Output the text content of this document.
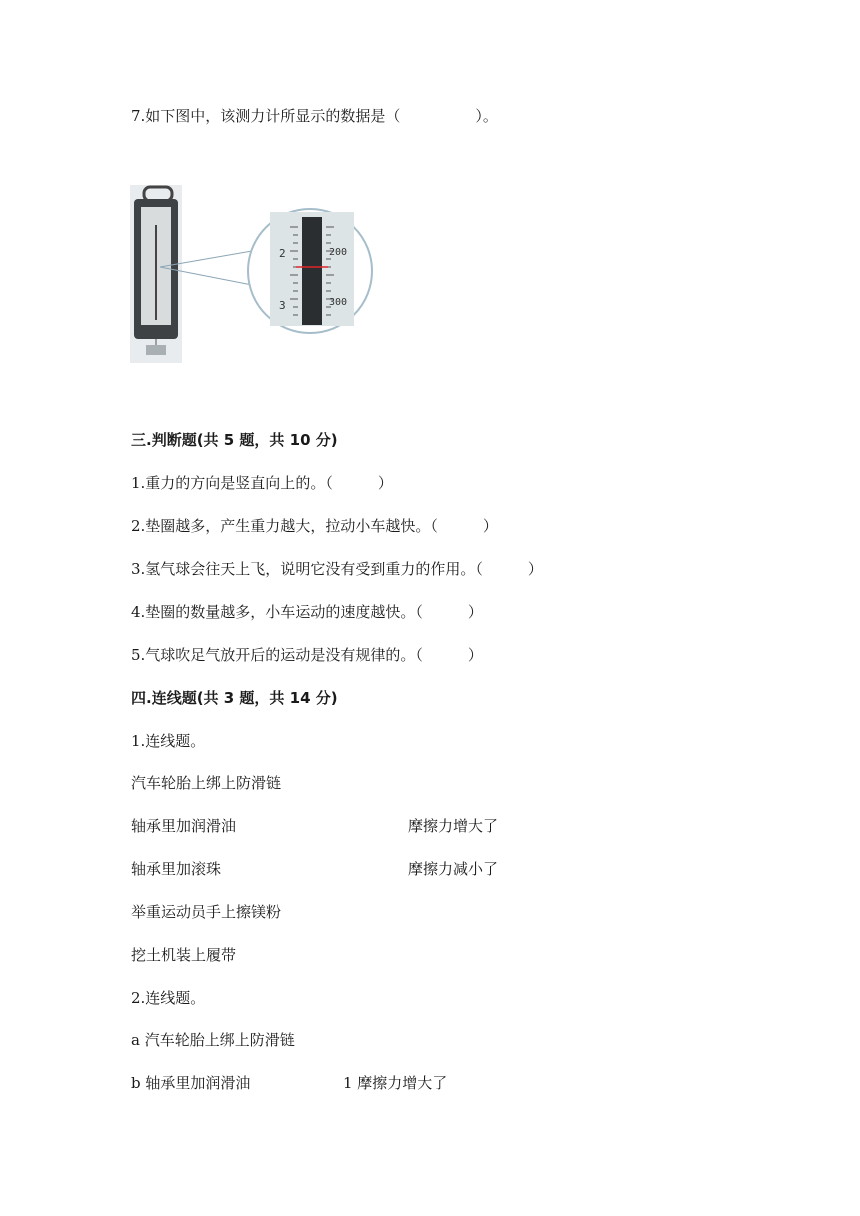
7.如下图中，该测力计所显示的数据是（　　　　　）。
2
3
200
300
三.判断题(共 5 题，共 10 分)
1.重力的方向是竖直向上的。（　　　）
2.垫圈越多，产生重力越大，拉动小车越快。（　　　）
3.氢气球会往天上飞，说明它没有受到重力的作用。（　　　）
4.垫圈的数量越多，小车运动的速度越快。（　　　）
5.气球吹足气放开后的运动是没有规律的。（　　　）
四.连线题(共 3 题，共 14 分)
1.连线题。
汽车轮胎上绑上防滑链
轴承里加润滑油	摩擦力增大了
轴承里加滚珠	摩擦力减小了
举重运动员手上擦镁粉
挖土机装上履带
2.连线题。
a 汽车轮胎上绑上防滑链
b 轴承里加润滑油	1 摩擦力增大了
